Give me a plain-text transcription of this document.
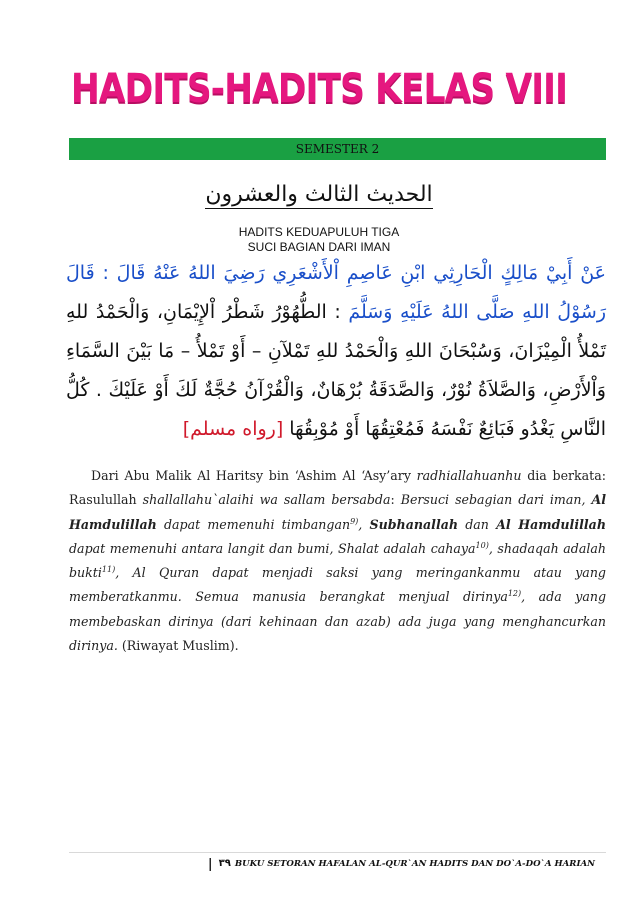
HADITS-HADITS KELAS VIII
SEMESTER 2
الحديث الثالث والعشرون
HADITS KEDUAPULUH TIGA
SUCI BAGIAN DARI IMAN
عَنْ أَبِيْ مَالِكٍ الْحَارِثِي ابْنِ عَاصِمِ اْلأَشْعَرِي رَضِيَ اللهُ عَنْهُ قَالَ : قَالَ رَسُوْلُ اللهِ صَلَّى اللهُ عَلَيْهِ وَسَلَّمَ : الطُّهُوْرُ شَطْرُ اْلإِيْمَانِ، وَالْحَمْدُ للهِ تَمْلأُ الْمِيْزَانَ، وَسُبْحَانَ اللهِ وَالْحَمْدُ للهِ تَمْلآنِ – أَوْ تَمْلأُ – مَا بَيْنَ السَّمَاءِ وَاْلأَرْضِ، وَالصَّلاَةُ نُوْرٌ، وَالصَّدَقَةُ بُرْهَانٌ، وَالْقُرْآنُ حُجَّةٌ لَكَ أَوْ عَلَيْكَ . كُلُّ النَّاسِ يَغْدُو فَبَائِعٌ نَفْسَهُ فَمُعْتِقُهَا أَوْ مُوْبِقُهَا [رواه مسلم]

Dari Abu Malik Al Haritsy bin ‘Ashim Al ‘Asy’ary radhiallahuanhu dia berkata: Rasulullah shallallahu`alaihi wa sallam bersabda: Bersuci sebagian dari iman, Al Hamdulillah dapat memenuhi timbangan$^{9)}$, Subhanallah dan Al Hamdulillah dapat memenuhi antara langit dan bumi, Shalat adalah cahaya$^{10)}$, shadaqah adalah bukti$^{11)}$, Al Quran dapat menjadi saksi yang meringankanmu atau yang memberatkanmu. Semua manusia berangkat menjual dirinya$^{12)}$, ada yang membebaskan dirinya (dari kehinaan dan azab) ada juga yang menghancurkan dirinya. (Riwayat Muslim).

| ٣٩ BUKU SETORAN HAFALAN AL-QUR`AN HADITS DAN DO`A-DO`A HARIAN
